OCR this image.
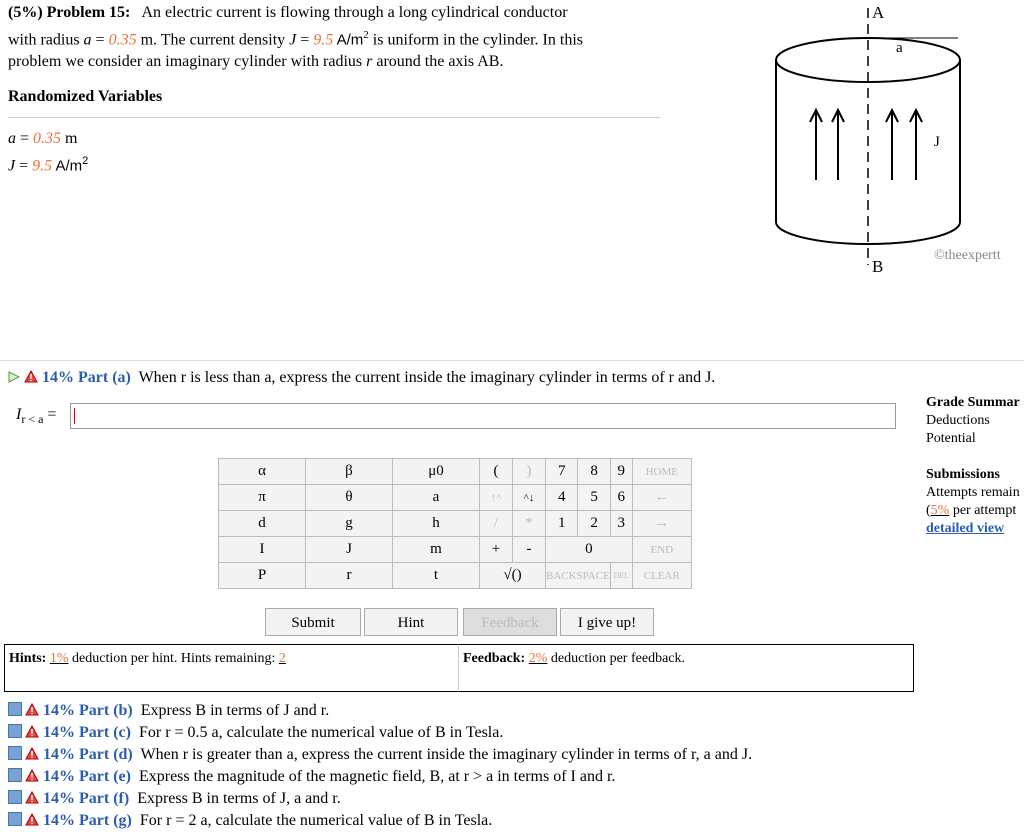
(5%) Problem 15: An electric current is flowing through a long cylindrical conductor
with radius a = 0.35 m. The current density J = 9.5 $A/m^2$ is uniform in the cylinder. In this
problem we consider an imaginary cylinder with radius r around the axis AB.
Randomized Variables
a = 0.35 m
J = 9.5 $A/m^2$
A
B
a
J
©theexpertt
14% Part (a) When r is less than a, express the current inside the imaginary cylinder in terms of r and J.
$I_{r < a}$ =
α	β	μ0	(	)	7	8	9	HOME
π	θ	a	↑^	^↓	4	5	6	←
d	g	h	/	*	1	2	3	→
I	J	m	+	-	0			END
P	r	t	√()		BACKSPACE		DEL	CLEAR
Submit	Hint	Feedback	I give up!
Hints: 1% deduction per hint. Hints remaining: 2	Feedback: 2% deduction per feedback.
Grade Summar
Deductions
Potential
Submissions
Attempts remain
(5% per attempt
detailed view
14% Part (b) Express B in terms of J and r.
14% Part (c) For r = 0.5 a, calculate the numerical value of B in Tesla.
14% Part (d) When r is greater than a, express the current inside the imaginary cylinder in terms of r, a and J.
14% Part (e) Express the magnitude of the magnetic field, B, at r > a in terms of I and r.
14% Part (f) Express B in terms of J, a and r.
14% Part (g) For r = 2 a, calculate the numerical value of B in Tesla.
